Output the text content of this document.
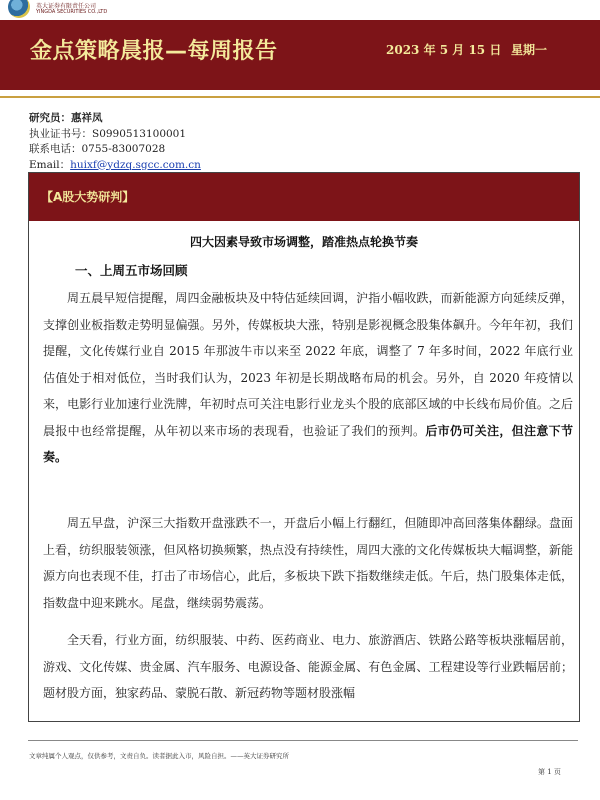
英大证券有限责任公司
YINGDA SECURITIES CO.,LTD
金点策略晨报—每周报告	2023 年 5 月 15 日 星期一
研究员：惠祥凤
执业证书号：S0990513100001
联系电话：0755-83007028
Email：huixf@ydzq.sgcc.com.cn
【A股大势研判】
四大因素导致市场调整，踏准热点轮换节奏
一、上周五市场回顾

周五晨早短信提醒，周四金融板块及中特估延续回调，沪指小幅收跌，而新能源方向延续反弹，支撑创业板指数走势明显偏强。另外，传媒板块大涨，特别是影视概念股集体飙升。今年年初，我们提醒，文化传媒行业自 2015 年那波牛市以来至 2022 年底，调整了 7 年多时间，2022 年底行业估值处于相对低位，当时我们认为，2023 年初是长期战略布局的机会。另外，自 2020 年疫情以来，电影行业加速行业洗牌，年初时点可关注电影行业龙头个股的底部区域的中长线布局价值。之后晨报中也经常提醒，从年初以来市场的表现看，也验证了我们的预判。后市仍可关注，但注意下节奏。

周五早盘，沪深三大指数开盘涨跌不一，开盘后小幅上行翻红，但随即冲高回落集体翻绿。盘面上看，纺织服装领涨，但风格切换频繁，热点没有持续性，周四大涨的文化传媒板块大幅调整，新能源方向也表现不佳，打击了市场信心，此后，多板块下跌下指数继续走低。午后，热门股集体走低，指数盘中迎来跳水。尾盘，继续弱势震荡。

全天看，行业方面，纺织服装、中药、医药商业、电力、旅游酒店、铁路公路等板块涨幅居前，游戏、文化传媒、贵金属、汽车服务、电源设备、能源金属、有色金属、工程建设等行业跌幅居前；题材股方面，独家药品、蒙脱石散、新冠药物等题材股涨幅

文章纯属个人观点，仅供参考，文责自负。读者据此入市，风险自担。——英大证券研究所
第 1 页
